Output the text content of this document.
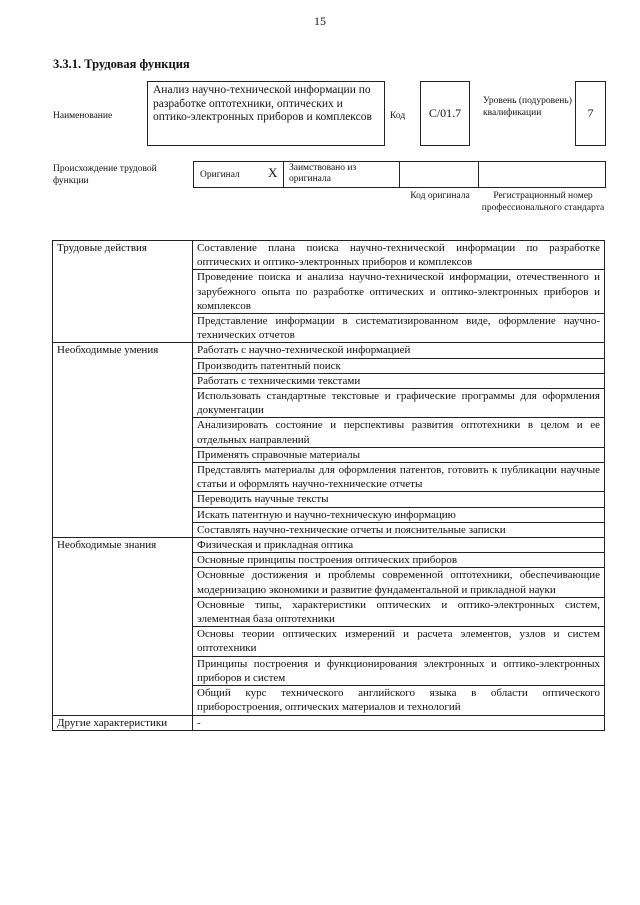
15
3.3.1. Трудовая функция
Наименование
Анализ научно-технической информации по разработке оптотехники, оптических и оптико-электронных приборов и комплексов	Код	C/01.7
Уровень (подуровень) квалификации	7
Происхождение трудовой функции
Оригинал X	Заимствовано из оригинала
Код оригинала	Регистрационный номер профессионального стандарта
Трудовые действия	Составление плана поиска научно-технической информации по разработке оптических и оптико-электронных приборов и комплексов
	Проведение поиска и анализа научно-технической информации, отечественного и зарубежного опыта по разработке оптических и оптико-электронных приборов и комплексов
	Представление информации в систематизированном виде, оформление научно-технических отчетов
Необходимые умения	Работать с научно-технической информацией
	Производить патентный поиск
	Работать с техническими текстами
	Использовать стандартные текстовые и графические программы для оформления документации
	Анализировать состояние и перспективы развития оптотехники в целом и ее отдельных направлений
	Применять справочные материалы
	Представлять материалы для оформления патентов, готовить к публикации научные статьи и оформлять научно-технические отчеты
	Переводить научные тексты
	Искать патентную и научно-техническую информацию
	Составлять научно-технические отчеты и пояснительные записки
Необходимые знания	Физическая и прикладная оптика
	Основные принципы построения оптических приборов
	Основные достижения и проблемы современной оптотехники, обеспечивающие модернизацию экономики и развитие фундаментальной и прикладной науки
	Основные типы, характеристики оптических и оптико-электронных систем, элементная база оптотехники
	Основы теории оптических измерений и расчета элементов, узлов и систем оптотехники
	Принципы построения и функционирования электронных и оптико-электронных приборов и систем
	Общий курс технического английского языка в области оптического приборостроения, оптических материалов и технологий
Другие характеристики	-
